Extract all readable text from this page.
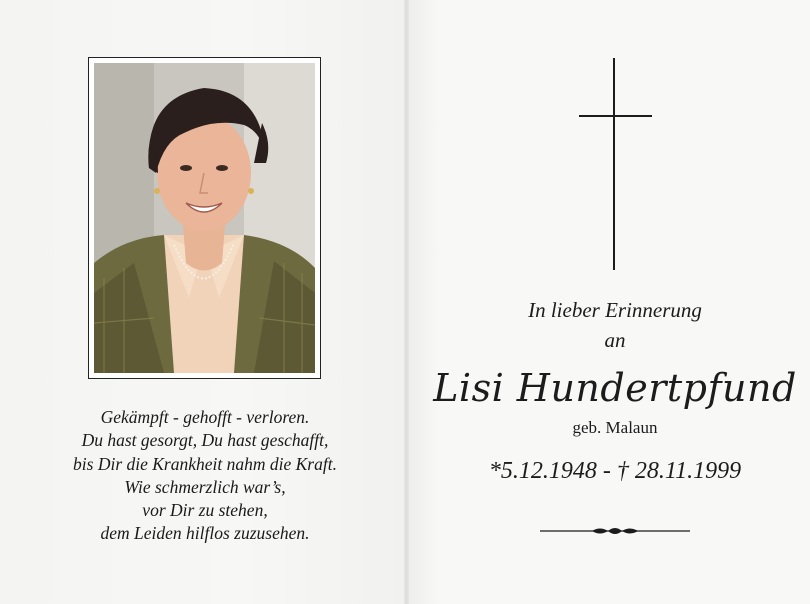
Gekämpft - gehofft - verloren.
Du hast gesorgt, Du hast geschafft,
bis Dir die Krankheit nahm die Kraft.
Wie schmerzlich war’s,
vor Dir zu stehen,
dem Leiden hilflos zuzusehen.
In lieber Erinnerung
an
Lisi Hundertpfund
geb. Malaun
*5.12.1948 - † 28.11.1999
